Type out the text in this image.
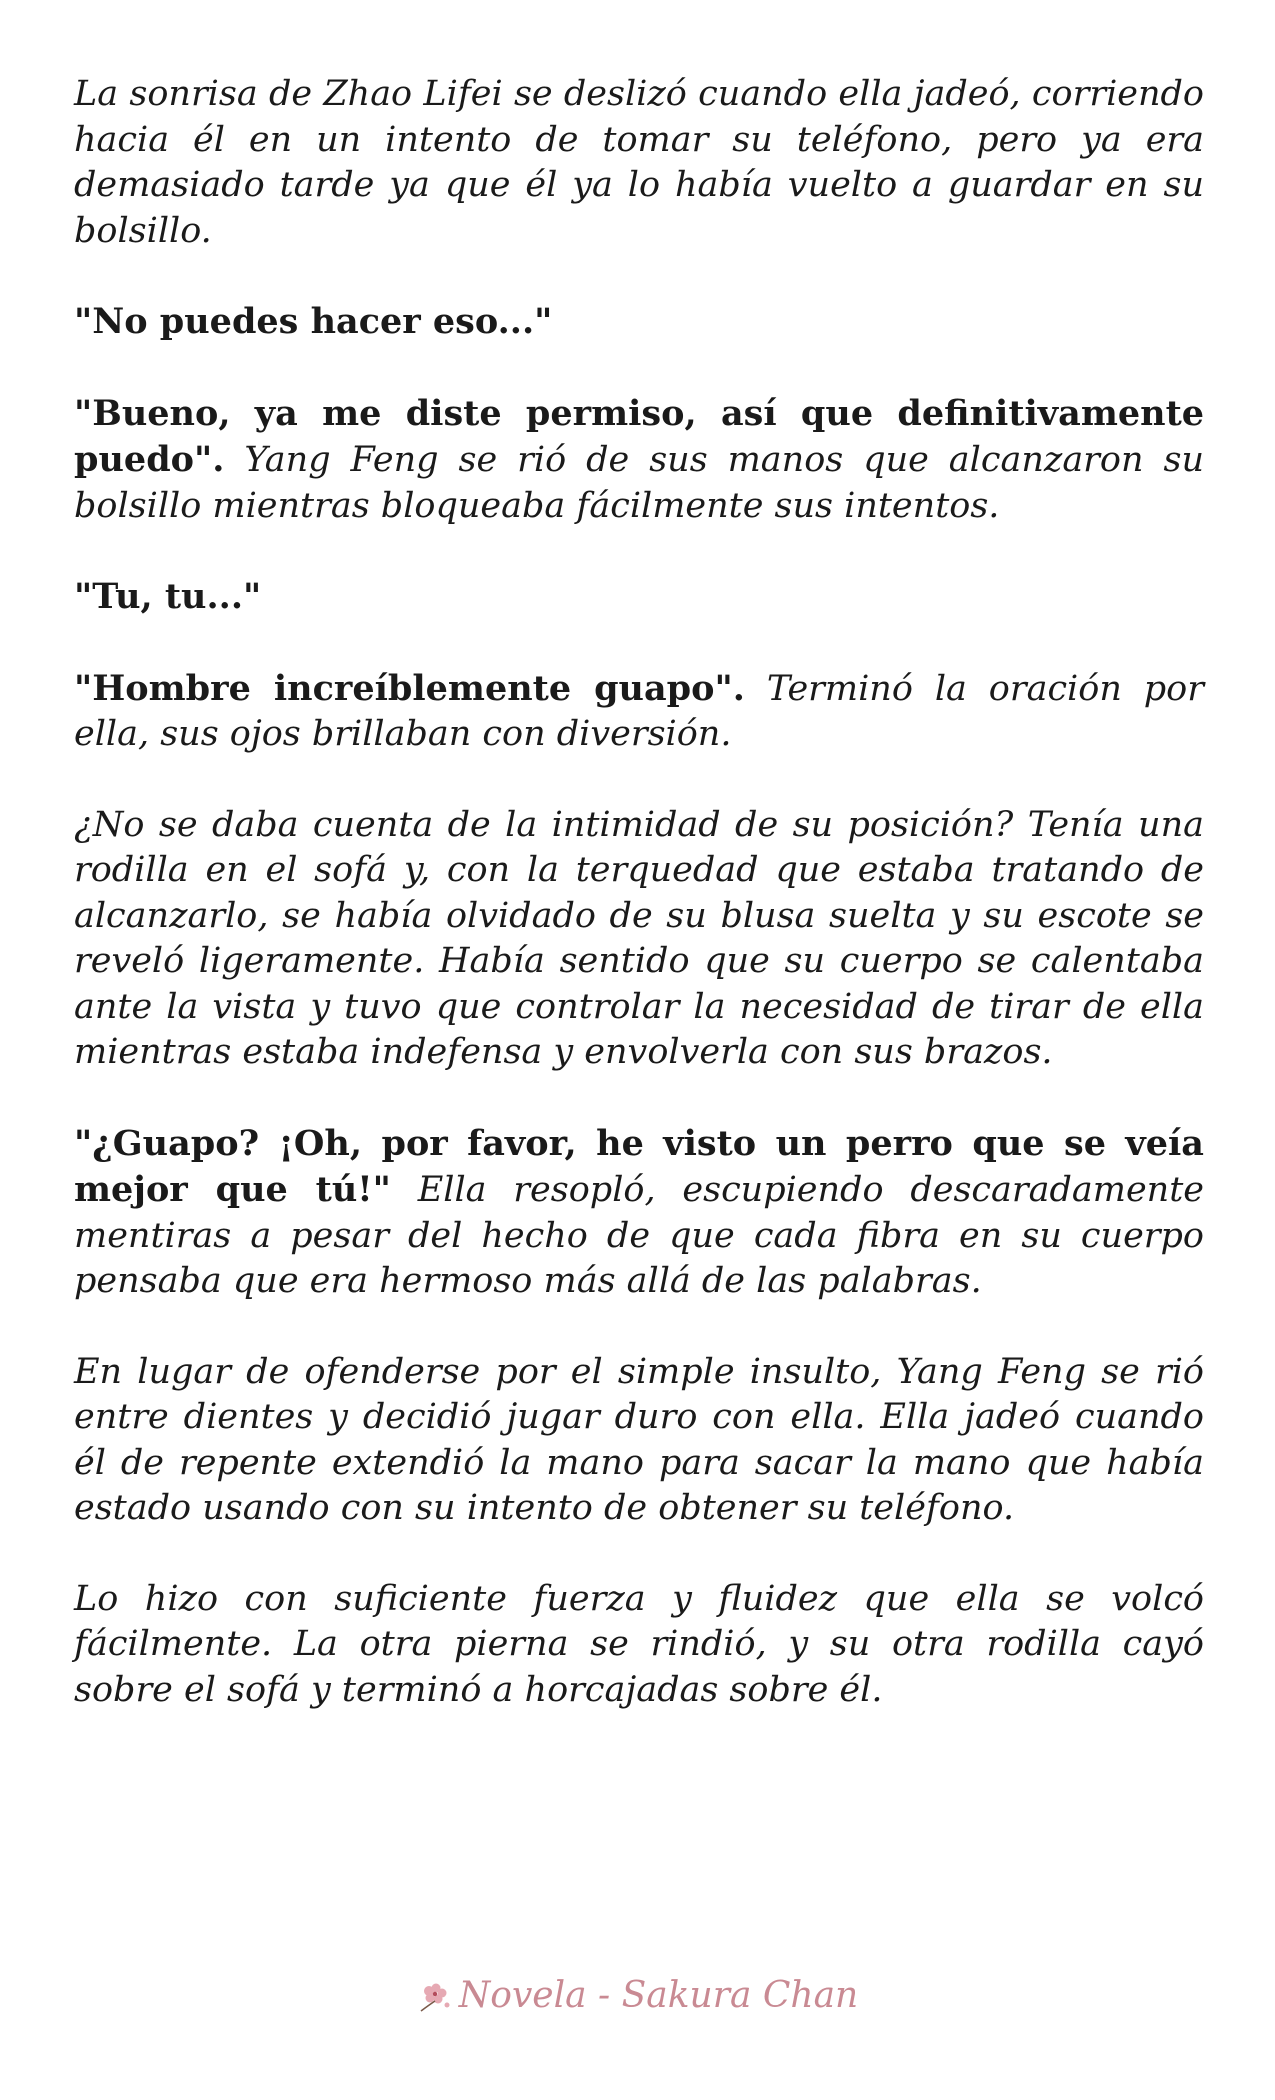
La sonrisa de Zhao Lifei se deslizó cuando ella jadeó, corriendo hacia él en un intento de tomar su teléfono, pero ya era demasiado tarde ya que él ya lo había vuelto a guardar en su bolsillo.

"No puedes hacer eso..."

"Bueno, ya me diste permiso, así que definitivamente puedo". Yang Feng se rió de sus manos que alcanzaron su bolsillo mientras bloqueaba fácilmente sus intentos.

"Tu, tu..."

"Hombre increíblemente guapo". Terminó la oración por ella, sus ojos brillaban con diversión.

¿No se daba cuenta de la intimidad de su posición? Tenía una rodilla en el sofá y, con la terquedad que estaba tratando de alcanzarlo, se había olvidado de su blusa suelta y su escote se reveló ligeramente. Había sentido que su cuerpo se calentaba ante la vista y tuvo que controlar la necesidad de tirar de ella mientras estaba indefensa y envolverla con sus brazos.

"¿Guapo? ¡Oh, por favor, he visto un perro que se veía mejor que tú!" Ella resopló, escupiendo descaradamente mentiras a pesar del hecho de que cada fibra en su cuerpo pensaba que era hermoso más allá de las palabras.

En lugar de ofenderse por el simple insulto, Yang Feng se rió entre dientes y decidió jugar duro con ella. Ella jadeó cuando él de repente extendió la mano para sacar la mano que había estado usando con su intento de obtener su teléfono.

Lo hizo con suficiente fuerza y fluidez que ella se volcó fácilmente. La otra pierna se rindió, y su otra rodilla cayó sobre el sofá y terminó a horcajadas sobre él.

Novela - Sakura Chan
